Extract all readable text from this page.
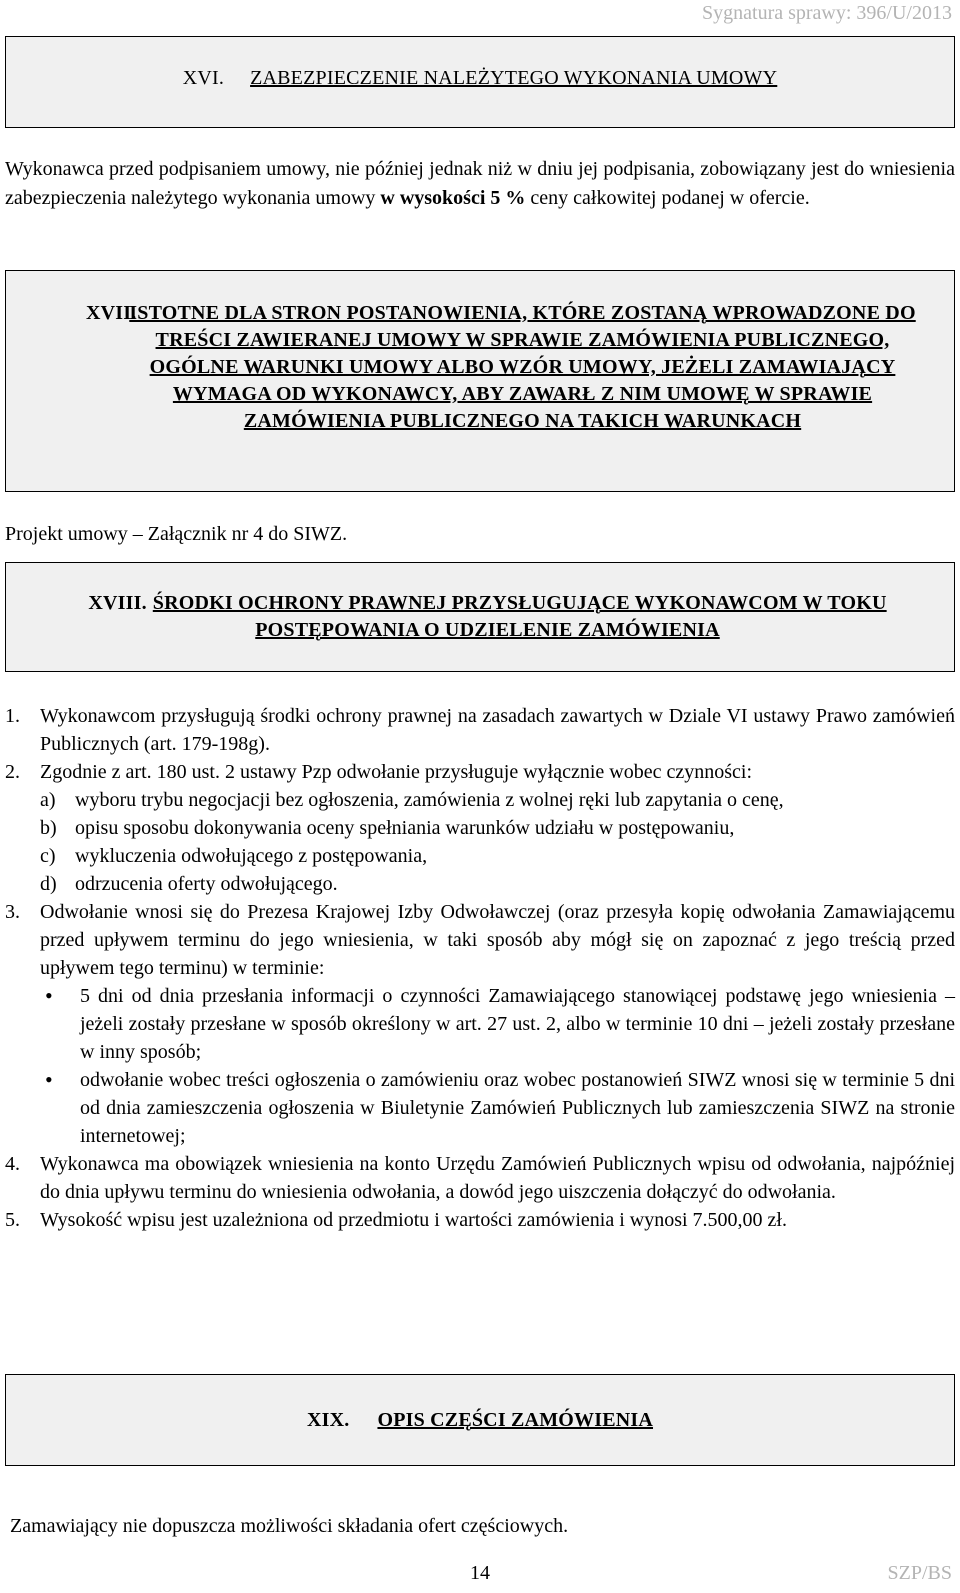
Sygnatura sprawy: 396/U/2013
XVI. ZABEZPIECZENIE NALEŻYTEGO WYKONANIA UMOWY
Wykonawca przed podpisaniem umowy, nie później jednak niż w dniu jej podpisania, zobowiązany jest do wniesienia zabezpieczenia należytego wykonania umowy w wysokości 5 % ceny całkowitej podanej w ofercie.
XVII.
ISTOTNE DLA STRON POSTANOWIENIA, KTÓRE ZOSTANĄ WPROWADZONE DO TREŚCI ZAWIERANEJ UMOWY W SPRAWIE ZAMÓWIENIA PUBLICZNEGO, OGÓLNE WARUNKI UMOWY ALBO WZÓR UMOWY, JEŻELI ZAMAWIAJĄCY WYMAGA OD WYKONAWCY, ABY ZAWARŁ Z NIM UMOWĘ W SPRAWIE ZAMÓWIENIA PUBLICZNEGO NA TAKICH WARUNKACH
Projekt umowy – Załącznik nr 4 do SIWZ.
XVIII. ŚRODKI OCHRONY PRAWNEJ PRZYSŁUGUJĄCE WYKONAWCOM W TOKU POSTĘPOWANIA O UDZIELENIE ZAMÓWIENIA
1. Wykonawcom przysługują środki ochrony prawnej na zasadach zawartych w Dziale VI ustawy Prawo zamówień Publicznych (art. 179-198g).
2. Zgodnie z art. 180 ust. 2 ustawy Pzp odwołanie przysługuje wyłącznie wobec czynności:
a) wyboru trybu negocjacji bez ogłoszenia, zamówienia z wolnej ręki lub zapytania o cenę,
b) opisu sposobu dokonywania oceny spełniania warunków udziału w postępowaniu,
c) wykluczenia odwołującego z postępowania,
d) odrzucenia oferty odwołującego.
3. Odwołanie wnosi się do Prezesa Krajowej Izby Odwoławczej (oraz przesyła kopię odwołania Zamawiającemu przed upływem terminu do jego wniesienia, w taki sposób aby mógł się on zapoznać z jego treścią przed upływem tego terminu) w terminie:
• 5 dni od dnia przesłania informacji o czynności Zamawiającego stanowiącej podstawę jego wniesienia – jeżeli zostały przesłane w sposób określony w art. 27 ust. 2, albo w terminie 10 dni – jeżeli zostały przesłane w inny sposób;
• odwołanie wobec treści ogłoszenia o zamówieniu oraz wobec postanowień SIWZ wnosi się w terminie 5 dni od dnia zamieszczenia ogłoszenia w Biuletynie Zamówień Publicznych lub zamieszczenia SIWZ na stronie internetowej;
4. Wykonawca ma obowiązek wniesienia na konto Urzędu Zamówień Publicznych wpisu od odwołania, najpóźniej do dnia upływu terminu do wniesienia odwołania, a dowód jego uiszczenia dołączyć do odwołania.
5. Wysokość wpisu jest uzależniona od przedmiotu i wartości zamówienia i wynosi 7.500,00 zł.
XIX. OPIS CZĘŚCI ZAMÓWIENIA
Zamawiający nie dopuszcza możliwości składania ofert częściowych.
14	SZP/BS
